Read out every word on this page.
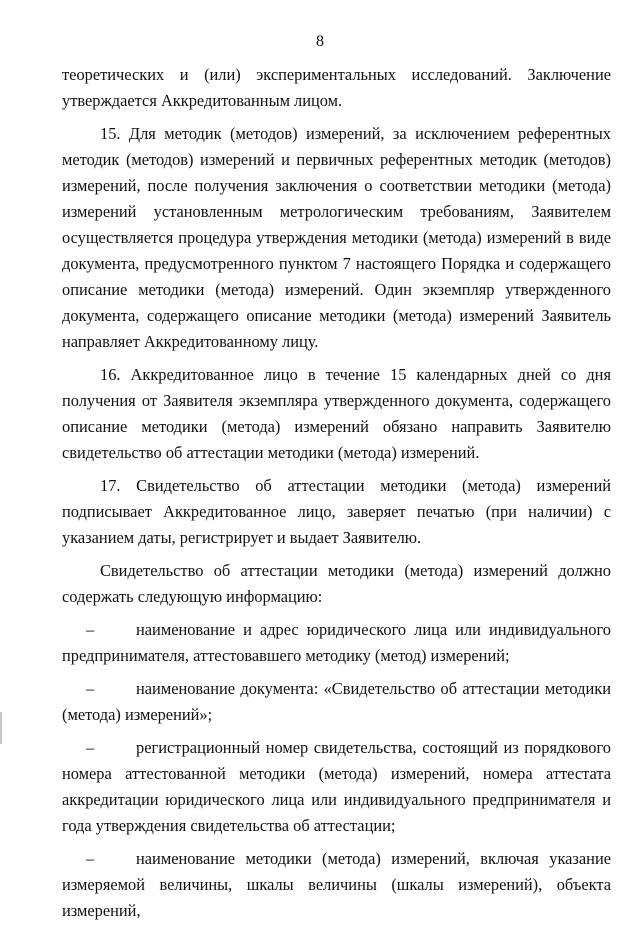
8

теоретических и (или) экспериментальных исследований. Заключение утверждается Аккредитованным лицом.

15. Для методик (методов) измерений, за исключением референтных методик (методов) измерений и первичных референтных методик (методов) измерений, после получения заключения о соответствии методики (метода) измерений установленным метрологическим требованиям, Заявителем осуществляется процедура утверждения методики (метода) измерений в виде документа, предусмотренного пунктом 7 настоящего Порядка и содержащего описание методики (метода) измерений. Один экземпляр утвержденного документа, содержащего описание методики (метода) измерений Заявитель направляет Аккредитованному лицу.

16. Аккредитованное лицо в течение 15 календарных дней со дня получения от Заявителя экземпляра утвержденного документа, содержащего описание методики (метода) измерений обязано направить Заявителю свидетельство об аттестации методики (метода) измерений.

17. Свидетельство об аттестации методики (метода) измерений подписывает Аккредитованное лицо, заверяет печатью (при наличии) с указанием даты, регистрирует и выдает Заявителю.

Свидетельство об аттестации методики (метода) измерений должно содержать следующую информацию:

–	наименование и адрес юридического лица или индивидуального предпринимателя, аттестовавшего методику (метод) измерений;

–	наименование документа: «Свидетельство об аттестации методики (метода) измерений»;

–	регистрационный номер свидетельства, состоящий из порядкового номера аттестованной методики (метода) измерений, номера аттестата аккредитации юридического лица или индивидуального предпринимателя и года утверждения свидетельства об аттестации;

–	наименование методики (метода) измерений, включая указание измеряемой величины, шкалы величины (шкалы измерений), объекта измерений,
